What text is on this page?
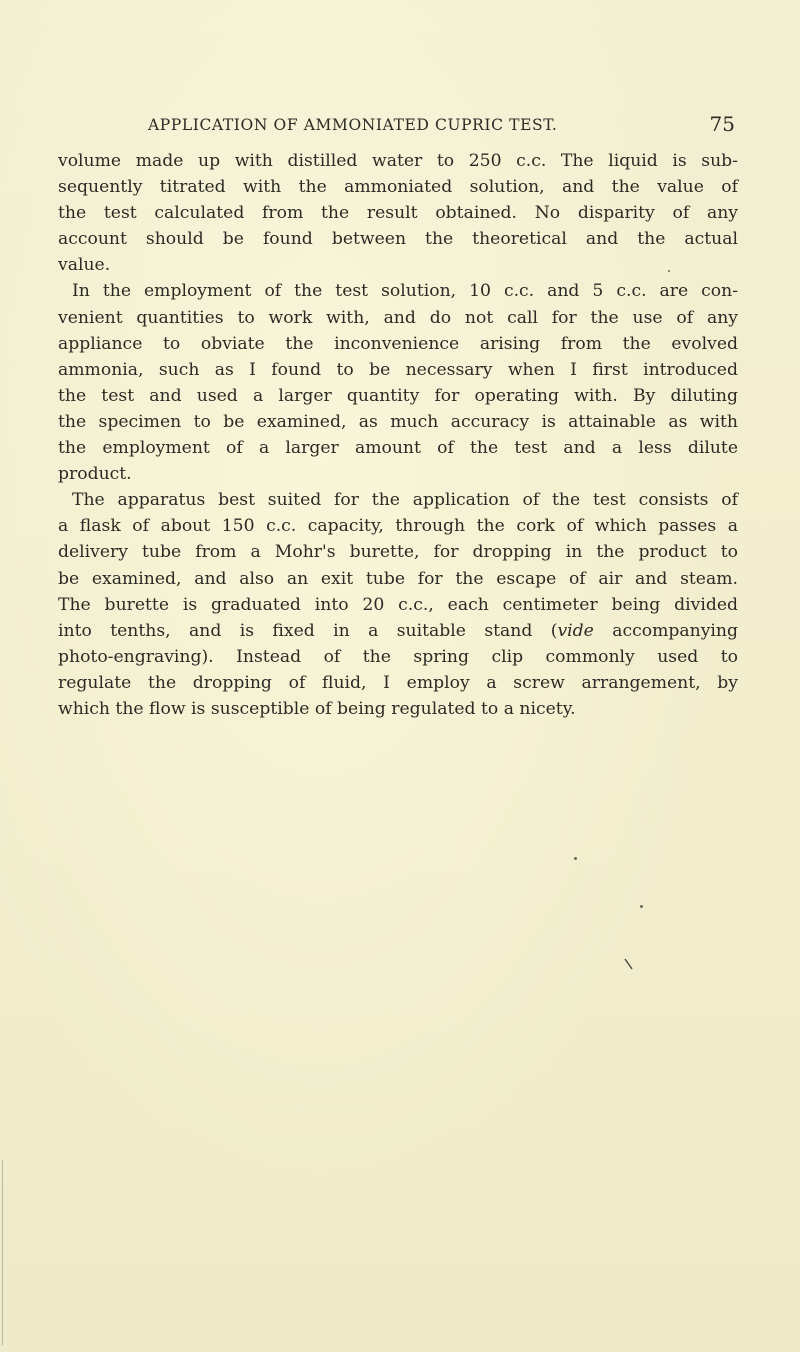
APPLICATION OF AMMONIATED CUPRIC TEST.	75
volume made up with distilled water to 250 c.c. The liquid is sub-
sequently titrated with the ammoniated solution, and the value of
the test calculated from the result obtained. No disparity of any
account should be found between the theoretical and the actual
value.
In the employment of the test solution, 10 c.c. and 5 c.c. are con-
venient quantities to work with, and do not call for the use of any
appliance to obviate the inconvenience arising from the evolved
ammonia, such as I found to be necessary when I first introduced
the test and used a larger quantity for operating with. By diluting
the specimen to be examined, as much accuracy is attainable as with
the employment of a larger amount of the test and a less dilute
product.
The apparatus best suited for the application of the test consists of
a flask of about 150 c.c. capacity, through the cork of which passes a
delivery tube from a Mohr's burette, for dropping in the product to
be examined, and also an exit tube for the escape of air and steam.
The burette is graduated into 20 c.c., each centimeter being divided
into tenths, and is fixed in a suitable stand (vide accompanying
photo-engraving). Instead of the spring clip commonly used to
regulate the dropping of fluid, I employ a screw arrangement, by
which the flow is susceptible of being regulated to a nicety.
